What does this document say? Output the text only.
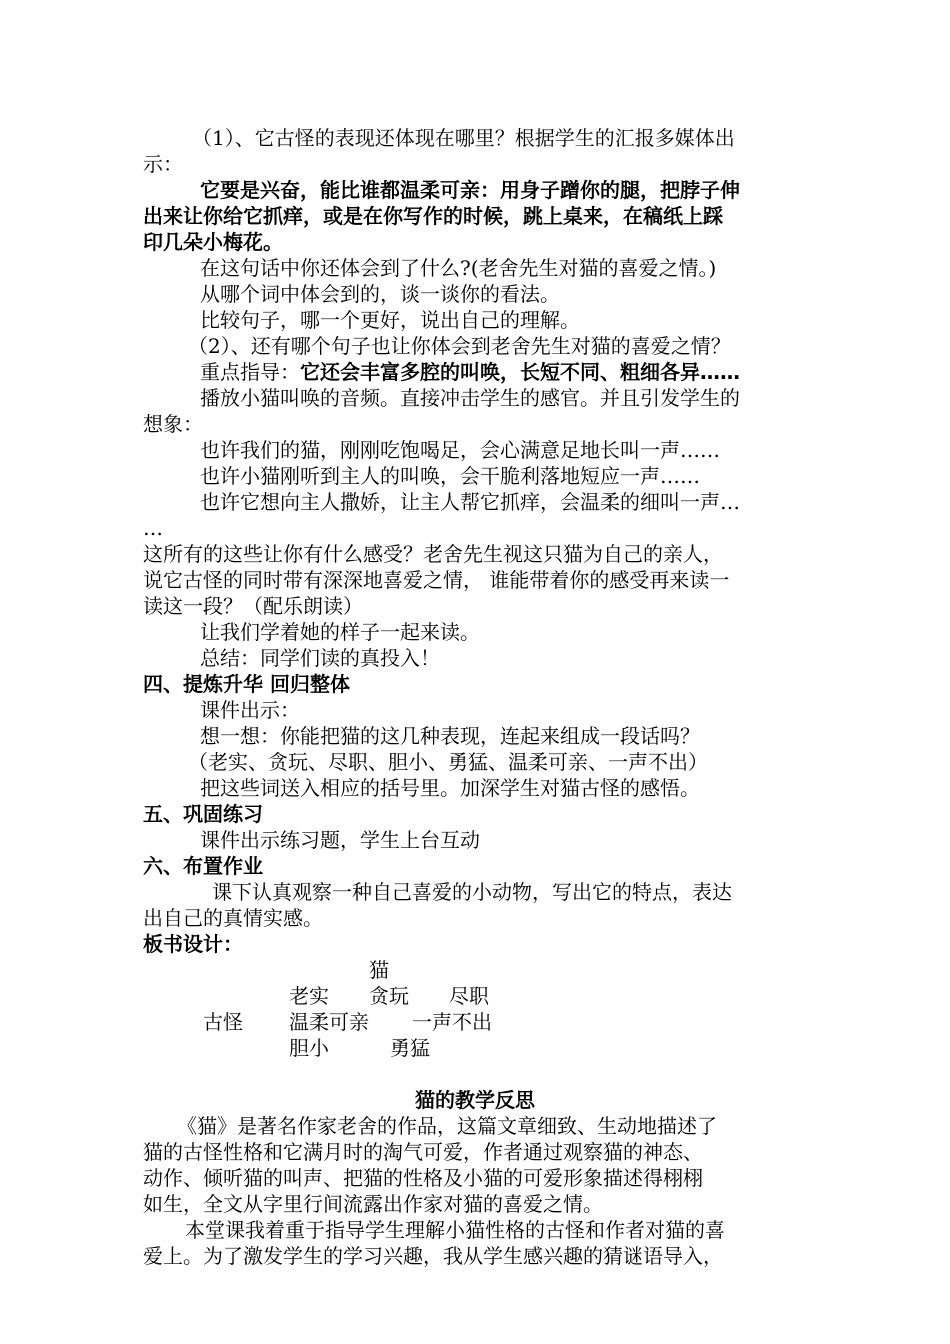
（1）、它古怪的表现还体现在哪里？根据学生的汇报多媒体出
示：
它要是兴奋，能比谁都温柔可亲：用身子蹭你的腿，把脖子伸
出来让你给它抓痒，或是在你写作的时候，跳上桌来，在稿纸上踩
印几朵小梅花。
在这句话中你还体会到了什么?(老舍先生对猫的喜爱之情。)
从哪个词中体会到的，谈一谈你的看法。
比较句子，哪一个更好，说出自己的理解。
（2）、还有哪个句子也让你体会到老舍先生对猫的喜爱之情？
重点指导：它还会丰富多腔的叫唤，长短不同、粗细各异……
播放小猫叫唤的音频。直接冲击学生的感官。并且引发学生的
想象：
也许我们的猫，刚刚吃饱喝足，会心满意足地长叫一声……
也许小猫刚听到主人的叫唤，会干脆利落地短应一声……
也许它想向主人撒娇，让主人帮它抓痒，会温柔的细叫一声…
…
这所有的这些让你有什么感受？老舍先生视这只猫为自己的亲人，
说它古怪的同时带有深深地喜爱之情， 谁能带着你的感受再来读一
读这一段？（配乐朗读）
让我们学着她的样子一起来读。
总结：同学们读的真投入！
四、提炼升华 回归整体
课件出示：
想一想：你能把猫的这几种表现，连起来组成一段话吗？
（老实、贪玩、尽职、胆小、勇猛、温柔可亲、一声不出）
把这些词送入相应的括号里。加深学生对猫古怪的感悟。
五、巩固练习
课件出示练习题，学生上台互动
六、布置作业
课下认真观察一种自己喜爱的小动物，写出它的特点，表达
出自己的真情实感。
板书设计：
猫
老实 贪玩 尽职
古怪 温柔可亲 一声不出
胆小	勇猛
猫的教学反思
《猫》是著名作家老舍的作品，这篇文章细致、生动地描述了
猫的古怪性格和它满月时的淘气可爱，作者通过观察猫的神态、
动作、倾听猫的叫声、把猫的性格及小猫的可爱形象描述得栩栩
如生，全文从字里行间流露出作家对猫的喜爱之情。
本堂课我着重于指导学生理解小猫性格的古怪和作者对猫的喜
爱上。为了激发学生的学习兴趣，我从学生感兴趣的猜谜语导入，
